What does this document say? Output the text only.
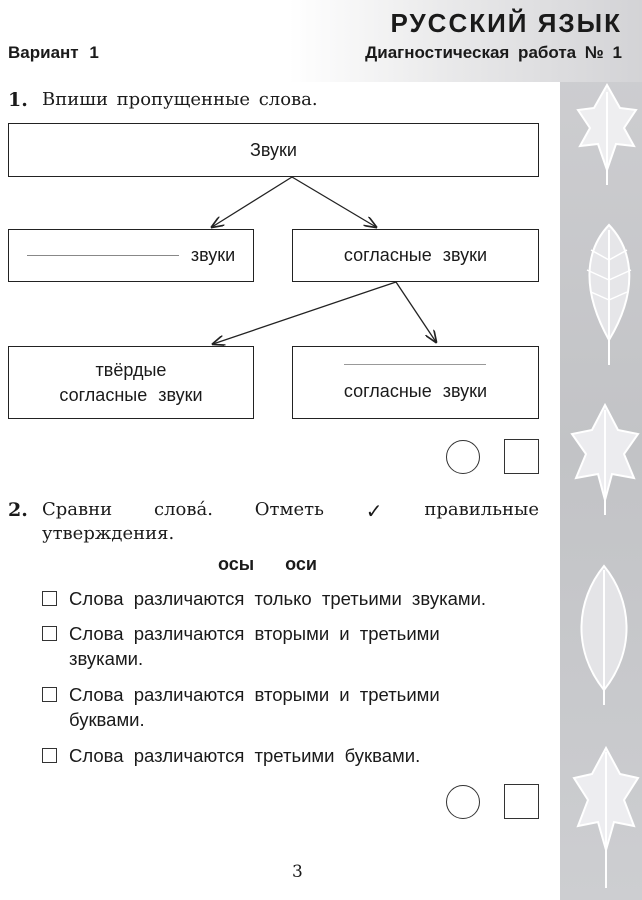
РУССКИЙ ЯЗЫК
Вариант 1	Диагностическая работа № 1
1. Впиши пропущенные слова.
Звуки
звуки	согласные звуки
твёрдые
согласные звуки	согласные звуки
2. Сравни слова́. Отметь ✓ правильные
утверждения.
осы оси
Слова различаются только третьими звуками.
Слова различаются вторыми и третьими
звуками.
Слова различаются вторыми и третьими
буквами.
Слова различаются третьими буквами.
3
